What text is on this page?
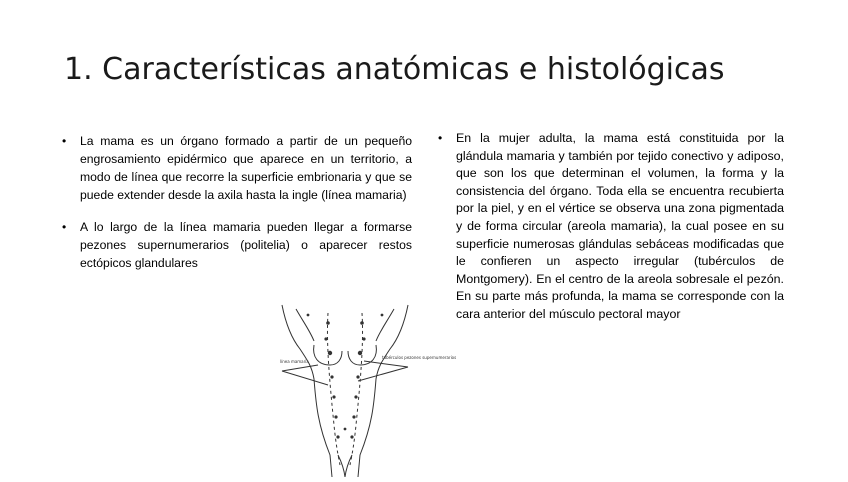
1. Características anatómicas e histológicas
• La mama es un órgano formado a partir de un pequeño engrosamiento epidérmico que aparece en un territorio, a modo de línea que recorre la superficie embrionaria y que se puede extender desde la axila hasta la ingle (línea mamaria)
• A lo largo de la línea mamaria pueden llegar a formarse pezones supernumerarios (politelia) o aparecer restos ectópicos glandulares
• En la mujer adulta, la mama está constituida por la glándula mamaria y también por tejido conectivo y adiposo, que son los que determinan el volumen, la forma y la consistencia del órgano. Toda ella se encuentra recubierta por la piel, y en el vértice se observa una zona pigmentada y de forma circular (areola mamaria), la cual posee en su superficie numerosas glándulas sebáceas modificadas que le confieren un aspecto irregular (tubérculos de Montgomery). En el centro de la areola sobresale el pezón. En su parte más profunda, la mama se corresponde con la cara anterior del músculo pectoral mayor
línea mamaria
tubérculos pezones supernumerarios
